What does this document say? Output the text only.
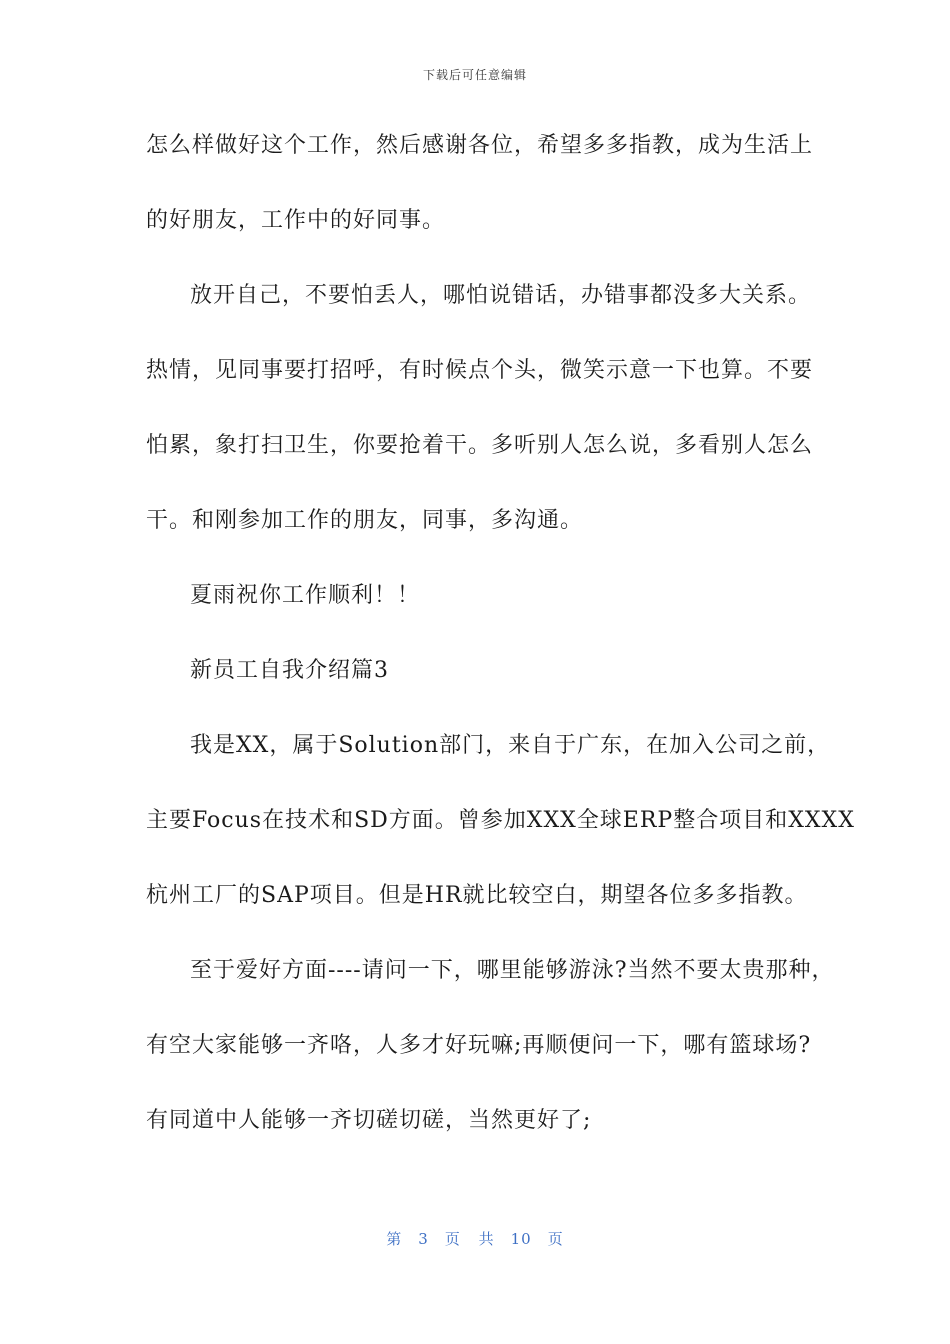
下载后可任意编辑
怎么样做好这个工作，然后感谢各位，希望多多指教，成为生活上
的好朋友，工作中的好同事。
放开自己，不要怕丢人，哪怕说错话，办错事都没多大关系。
热情，见同事要打招呼，有时候点个头，微笑示意一下也算。不要
怕累，象打扫卫生，你要抢着干。多听别人怎么说，多看别人怎么
干。和刚参加工作的朋友，同事，多沟通。
夏雨祝你工作顺利！！
新员工自我介绍篇3
我是XX，属于Solution部门，来自于广东，在加入公司之前，
主要Focus在技术和SD方面。曾参加XXX全球ERP整合项目和XXXX
杭州工厂的SAP项目。但是HR就比较空白，期望各位多多指教。
至于爱好方面----请问一下，哪里能够游泳?当然不要太贵那种，
有空大家能够一齐咯，人多才好玩嘛;再顺便问一下，哪有篮球场?
有同道中人能够一齐切磋切磋，当然更好了;
第 3 页 共 10 页
